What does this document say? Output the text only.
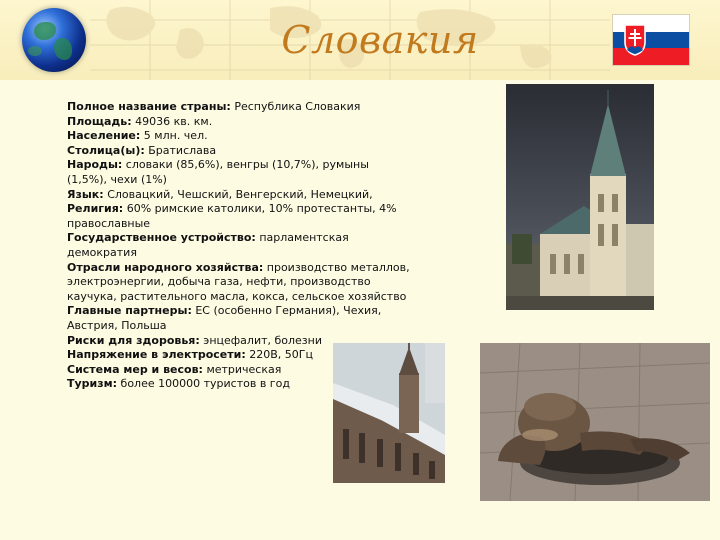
Словакия

Полное название страны: Республика Словакия

Площадь: 49036 кв. км.

Население: 5 млн. чел.

Столица(ы): Братислава

Народы: словаки (85,6%), венгры (10,7%), румыны (1,5%), чехи (1%)

Язык: Словацкий, Чешский, Венгерский, Немецкий,

Религия: 60% римские католики, 10% протестанты, 4% православные

Государственное устройство: парламентская демократия

Отрасли народного хозяйства: производство металлов, электроэнергии, добыча газа, нефти, производство каучука, растительного масла, кокса, сельское хозяйство

Главные партнеры: ЕС (особенно Германия), Чехия, Австрия, Польша

Риски для здоровья: энцефалит, болезни

Напряжение в электросети: 220В, 50Гц

Система мер и весов: метрическая

Туризм: более 100000 туристов в год
